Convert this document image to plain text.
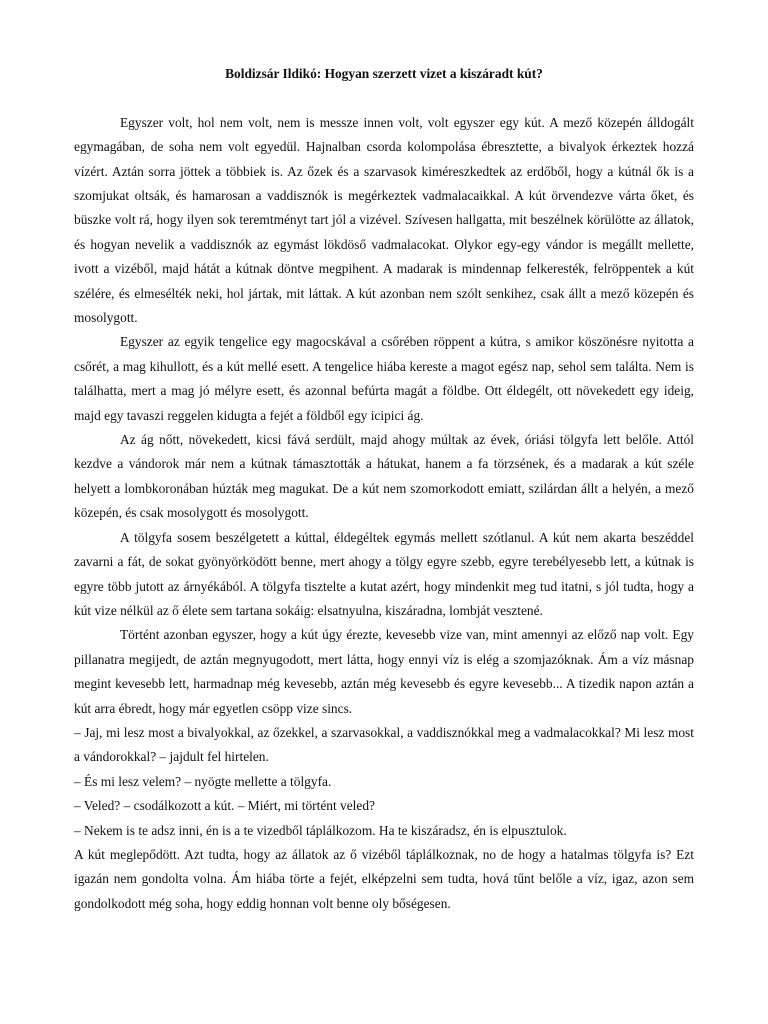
Boldizsár Ildikó: Hogyan szerzett vizet a kiszáradt kút?

Egyszer volt, hol nem volt, nem is messze innen volt, volt egyszer egy kút. A mező közepén álldogált egymagában, de soha nem volt egyedül. Hajnalban csorda kolompolása ébresztette, a bivalyok érkeztek hozzá vízért. Aztán sorra jöttek a többiek is. Az őzek és a szarvasok kiméreszkedtek az erdőből, hogy a kútnál ők is a szomjukat oltsák, és hamarosan a vaddisznók is megérkeztek vadmalacaikkal. A kút örvendezve várta őket, és büszke volt rá, hogy ilyen sok teremtményt tart jól a vizével. Szívesen hallgatta, mit beszélnek körülötte az állatok, és hogyan nevelik a vaddisznók az egymást lökdöső vadmalacokat. Olykor egy-egy vándor is megállt mellette, ivott a vizéből, majd hátát a kútnak döntve megpihent. A madarak is mindennap felkeresték, felröppentek a kút szélére, és elmesélték neki, hol jártak, mit láttak. A kút azonban nem szólt senkihez, csak állt a mező közepén és mosolygott.

Egyszer az egyik tengelice egy magocskával a csőrében röppent a kútra, s amikor köszönésre nyitotta a csőrét, a mag kihullott, és a kút mellé esett. A tengelice hiába kereste a magot egész nap, sehol sem találta. Nem is találhatta, mert a mag jó mélyre esett, és azonnal befúrta magát a földbe. Ott éldegélt, ott növekedett egy ideig, majd egy tavaszi reggelen kidugta a fejét a földből egy icipici ág.

Az ág nőtt, növekedett, kicsi fává serdült, majd ahogy múltak az évek, óriási tölgyfa lett belőle. Attól kezdve a vándorok már nem a kútnak támasztották a hátukat, hanem a fa törzsének, és a madarak a kút széle helyett a lombkoronában húzták meg magukat. De a kút nem szomorkodott emiatt, szilárdan állt a helyén, a mező közepén, és csak mosolygott és mosolygott.

A tölgyfa sosem beszélgetett a kúttal, éldegéltek egymás mellett szótlanul. A kút nem akarta beszéddel zavarni a fát, de sokat gyönyörködött benne, mert ahogy a tölgy egyre szebb, egyre terebélyesebb lett, a kútnak is egyre több jutott az árnyékából. A tölgyfa tisztelte a kutat azért, hogy mindenkit meg tud itatni, s jól tudta, hogy a kút vize nélkül az ő élete sem tartana sokáig: elsatnyulna, kiszáradna, lombját vesztené.

Történt azonban egyszer, hogy a kút úgy érezte, kevesebb vize van, mint amennyi az előző nap volt. Egy pillanatra megijedt, de aztán megnyugodott, mert látta, hogy ennyi víz is elég a szomjazóknak. Ám a víz másnap megint kevesebb lett, harmadnap még kevesebb, aztán még kevesebb és egyre kevesebb... A tizedik napon aztán a kút arra ébredt, hogy már egyetlen csöpp vize sincs.

– Jaj, mi lesz most a bivalyokkal, az őzekkel, a szarvasokkal, a vaddisznókkal meg a vadmalacokkal? Mi lesz most a vándorokkal? – jajdult fel hirtelen.

– És mi lesz velem? – nyögte mellette a tölgyfa.

– Veled? – csodálkozott a kút. – Miért, mi történt veled?

– Nekem is te adsz inni, én is a te vizedből táplálkozom. Ha te kiszáradsz, én is elpusztulok.

A kút meglepődött. Azt tudta, hogy az állatok az ő vizéből táplálkoznak, no de hogy a hatalmas tölgyfa is? Ezt igazán nem gondolta volna. Ám hiába törte a fejét, elképzelni sem tudta, hová tűnt belőle a víz, igaz, azon sem gondolkodott még soha, hogy eddig honnan volt benne oly bőségesen.
